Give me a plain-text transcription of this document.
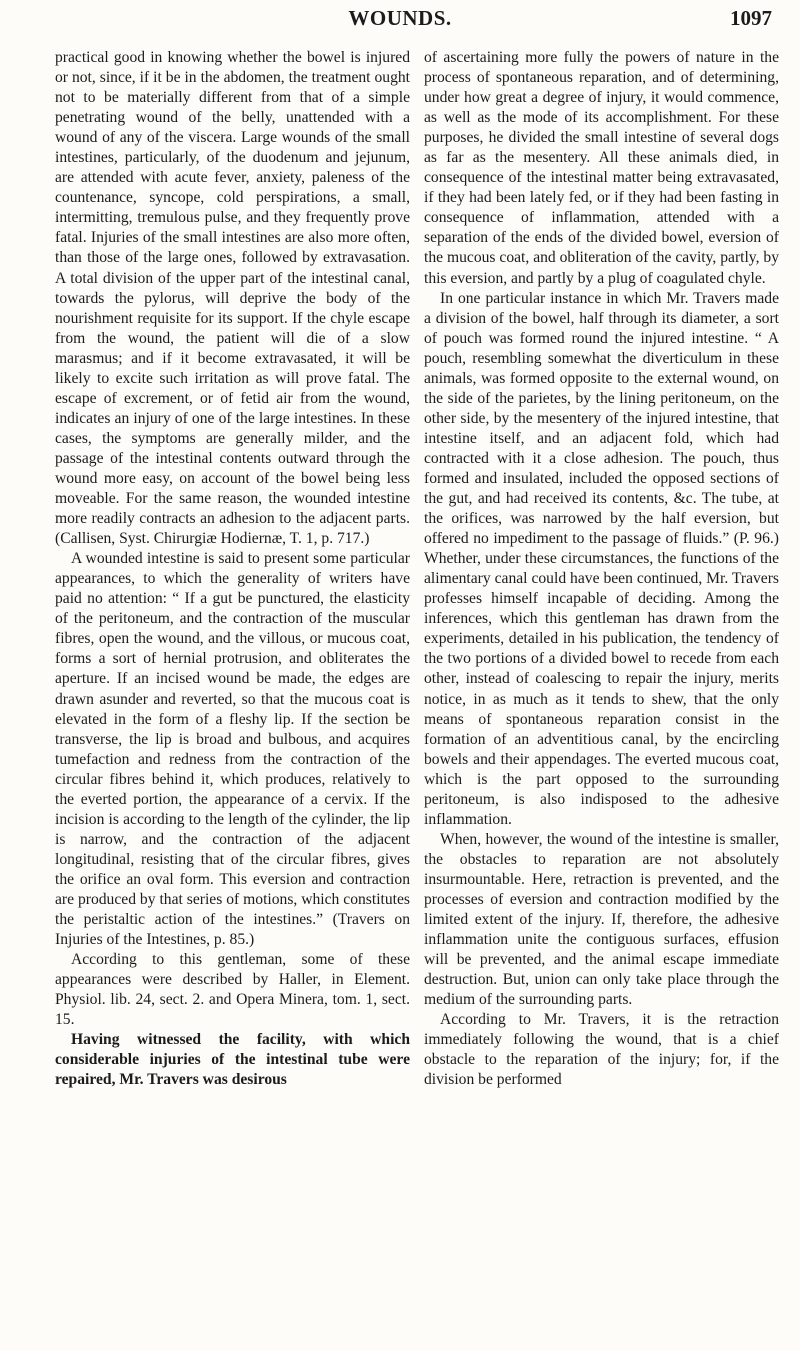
WOUNDS.	1097

practical good in knowing whether the bowel is injured or not, since, if it be in the abdomen, the treatment ought not to be materially different from that of a simple penetrating wound of the belly, unattended with a wound of any of the viscera. Large wounds of the small intestines, particularly, of the duodenum and jejunum, are attended with acute fever, anxiety, paleness of the countenance, syncope, cold perspirations, a small, intermitting, tremulous pulse, and they frequently prove fatal. Injuries of the small intestines are also more often, than those of the large ones, followed by extravasation. A total division of the upper part of the intestinal canal, towards the pylorus, will deprive the body of the nourishment requisite for its support. If the chyle escape from the wound, the patient will die of a slow marasmus; and if it become extravasated, it will be likely to excite such irritation as will prove fatal. The escape of excrement, or of fetid air from the wound, indicates an injury of one of the large intestines. In these cases, the symptoms are generally milder, and the passage of the intestinal contents outward through the wound more easy, on account of the bowel being less moveable. For the same reason, the wounded intestine more readily contracts an adhesion to the adjacent parts. (Callisen, Syst. Chirurgiæ Hodiernæ, T. 1, p. 717.)

A wounded intestine is said to present some particular appearances, to which the generality of writers have paid no attention: “ If a gut be punctured, the elasticity of the peritoneum, and the contraction of the muscular fibres, open the wound, and the villous, or mucous coat, forms a sort of hernial protrusion, and obliterates the aperture. If an incised wound be made, the edges are drawn asunder and reverted, so that the mucous coat is elevated in the form of a fleshy lip. If the section be transverse, the lip is broad and bulbous, and acquires tumefaction and redness from the contraction of the circular fibres behind it, which produces, relatively to the everted portion, the appearance of a cervix. If the incision is according to the length of the cylinder, the lip is narrow, and the contraction of the adjacent longitudinal, resisting that of the circular fibres, gives the orifice an oval form. This eversion and contraction are produced by that series of motions, which constitutes the peristaltic action of the intestines.” (Travers on Injuries of the Intestines, p. 85.)

According to this gentleman, some of these appearances were described by Haller, in Element. Physiol. lib. 24, sect. 2. and Opera Minera, tom. 1, sect. 15.

Having witnessed the facility, with which considerable injuries of the intestinal tube were repaired, Mr. Travers was desirous

of ascertaining more fully the powers of nature in the process of spontaneous reparation, and of determining, under how great a degree of injury, it would commence, as well as the mode of its accomplishment. For these purposes, he divided the small intestine of several dogs as far as the mesentery. All these animals died, in consequence of the intestinal matter being extravasated, if they had been lately fed, or if they had been fasting in consequence of inflammation, attended with a separation of the ends of the divided bowel, eversion of the mucous coat, and obliteration of the cavity, partly, by this eversion, and partly by a plug of coagulated chyle.

In one particular instance in which Mr. Travers made a division of the bowel, half through its diameter, a sort of pouch was formed round the injured intestine. “ A pouch, resembling somewhat the diverticulum in these animals, was formed opposite to the external wound, on the side of the parietes, by the lining peritoneum, on the other side, by the mesentery of the injured intestine, that intestine itself, and an adjacent fold, which had contracted with it a close adhesion. The pouch, thus formed and insulated, included the opposed sections of the gut, and had received its contents, &c. The tube, at the orifices, was narrowed by the half eversion, but offered no impediment to the passage of fluids.” (P. 96.) Whether, under these circumstances, the functions of the alimentary canal could have been continued, Mr. Travers professes himself incapable of deciding. Among the inferences, which this gentleman has drawn from the experiments, detailed in his publication, the tendency of the two portions of a divided bowel to recede from each other, instead of coalescing to repair the injury, merits notice, in as much as it tends to shew, that the only means of spontaneous reparation consist in the formation of an adventitious canal, by the encircling bowels and their appendages. The everted mucous coat, which is the part opposed to the surrounding peritoneum, is also indisposed to the adhesive inflammation.

When, however, the wound of the intestine is smaller, the obstacles to reparation are not absolutely insurmountable. Here, retraction is prevented, and the processes of eversion and contraction modified by the limited extent of the injury. If, therefore, the adhesive inflammation unite the contiguous surfaces, effusion will be prevented, and the animal escape immediate destruction. But, union can only take place through the medium of the surrounding parts.

According to Mr. Travers, it is the retraction immediately following the wound, that is a chief obstacle to the reparation of the injury; for, if the division be performed
